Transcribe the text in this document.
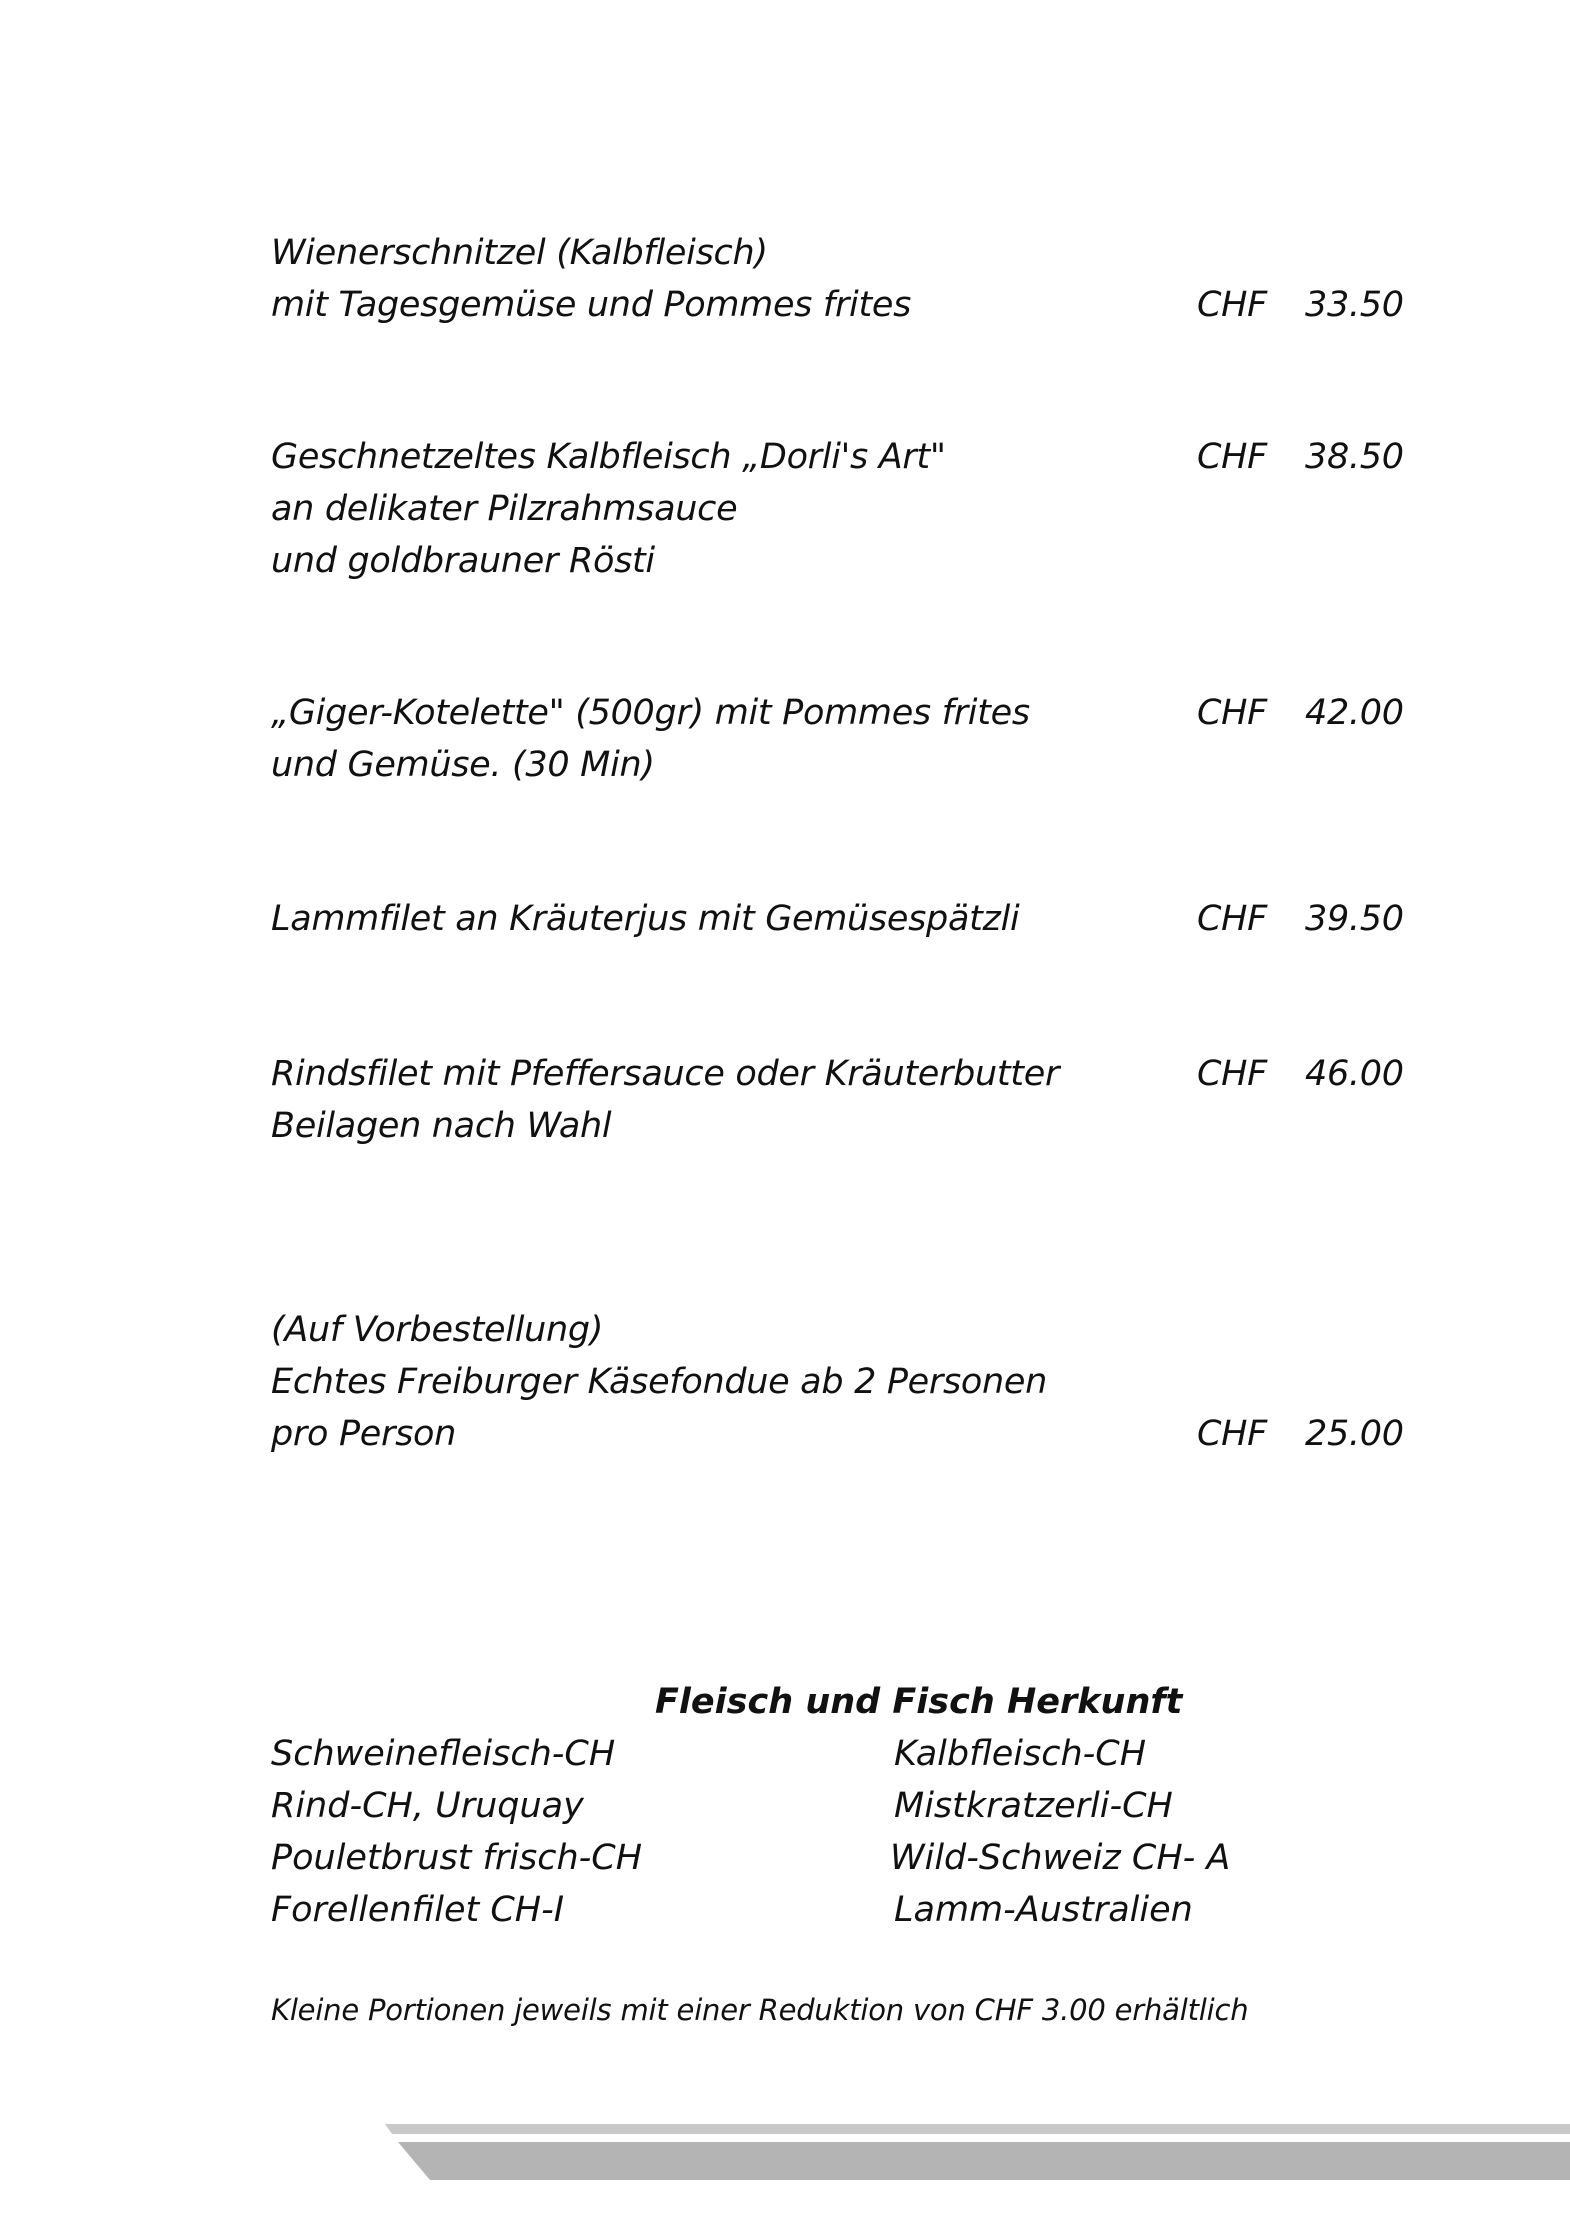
Wienerschnitzel (Kalbfleisch)
mit Tagesgemüse und Pommes frites	CHF 33.50
Geschnetzeltes Kalbfleisch „Dorli's Art"	CHF 38.50
an delikater Pilzrahmsauce
und goldbrauner Rösti
„Giger-Kotelette" (500gr) mit Pommes frites	CHF 42.00
und Gemüse. (30 Min)
Lammfilet an Kräuterjus mit Gemüsespätzli	CHF 39.50
Rindsfilet mit Pfeffersauce oder Kräuterbutter	CHF 46.00
Beilagen nach Wahl
(Auf Vorbestellung)
Echtes Freiburger Käsefondue ab 2 Personen
pro Person	CHF 25.00
Fleisch und Fisch Herkunft
Schweinefleisch-CH	Kalbfleisch-CH
Rind-CH, Uruquay	Mistkratzerli-CH
Pouletbrust frisch-CH	Wild-Schweiz CH- A
Forellenfilet CH-I	Lamm-Australien
Kleine Portionen jeweils mit einer Reduktion von CHF 3.00 erhältlich
